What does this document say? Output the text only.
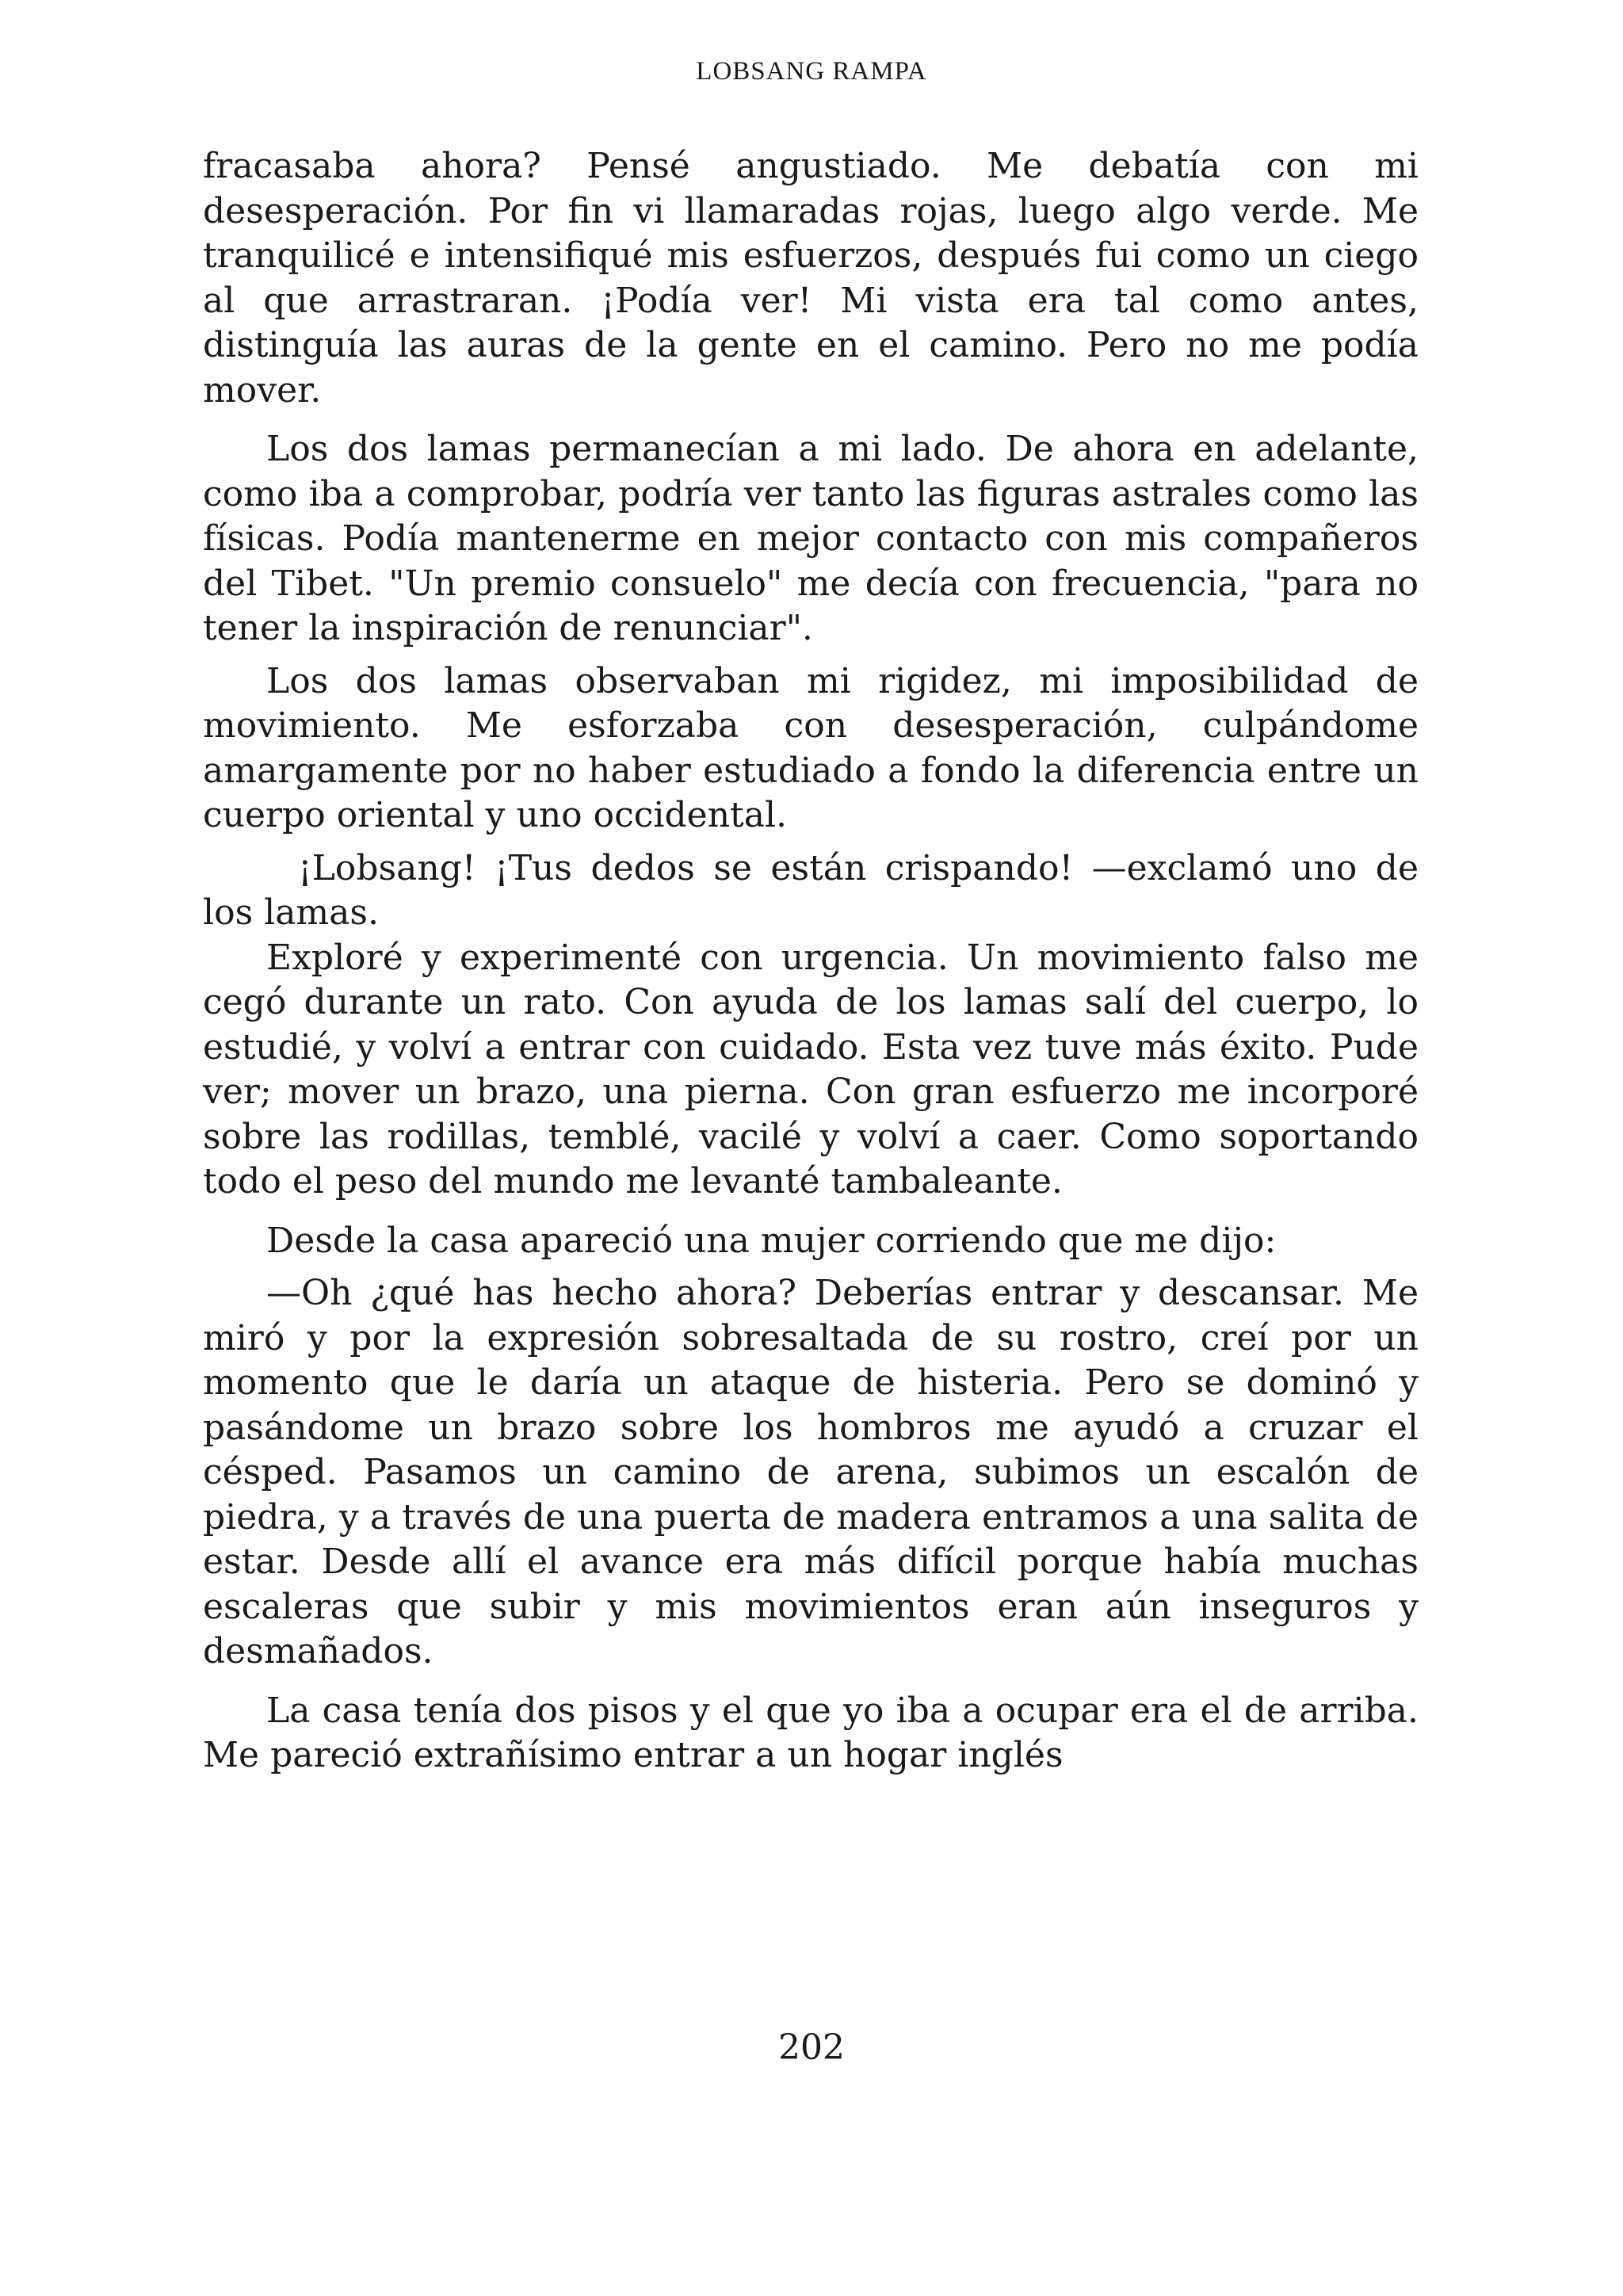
LOBSANG RAMPA

fracasaba ahora? Pensé angustiado. Me debatía con mi desesperación. Por fin vi llamaradas rojas, luego algo verde. Me tranquilicé e intensifiqué mis esfuerzos, después fui como un ciego al que arrastraran. ¡Podía ver! Mi vista era tal como antes, distinguía las auras de la gente en el camino. Pero no me podía mover.

Los dos lamas permanecían a mi lado. De ahora en adelante, como iba a comprobar, podría ver tanto las figuras astrales como las físicas. Podía mantenerme en mejor contacto con mis compañeros del Tibet. "Un premio consuelo" me decía con frecuencia, "para no tener la inspiración de renunciar".

Los dos lamas observaban mi rigidez, mi imposibilidad de movimiento. Me esforzaba con desesperación, culpándome amargamente por no haber estudiado a fondo la diferencia entre un cuerpo oriental y uno occidental.

¡Lobsang! ¡Tus dedos se están crispando! —exclamó uno de los lamas.

Exploré y experimenté con urgencia. Un movimiento falso me cegó durante un rato. Con ayuda de los lamas salí del cuerpo, lo estudié, y volví a entrar con cuidado. Esta vez tuve más éxito. Pude ver; mover un brazo, una pierna. Con gran esfuerzo me incorporé sobre las rodillas, temblé, vacilé y volví a caer. Como soportando todo el peso del mundo me levanté tambaleante.

Desde la casa apareció una mujer corriendo que me dijo:

—Oh ¿qué has hecho ahora? Deberías entrar y descansar. Me miró y por la expresión sobresaltada de su rostro, creí por un momento que le daría un ataque de histeria. Pero se dominó y pasándome un brazo sobre los hombros me ayudó a cruzar el césped. Pasamos un camino de arena, subimos un escalón de piedra, y a través de una puerta de madera entramos a una salita de estar. Desde allí el avance era más difícil porque había muchas escaleras que subir y mis movimientos eran aún inseguros y desmañados.

La casa tenía dos pisos y el que yo iba a ocupar era el de arriba. Me pareció extrañísimo entrar a un hogar inglés

202
